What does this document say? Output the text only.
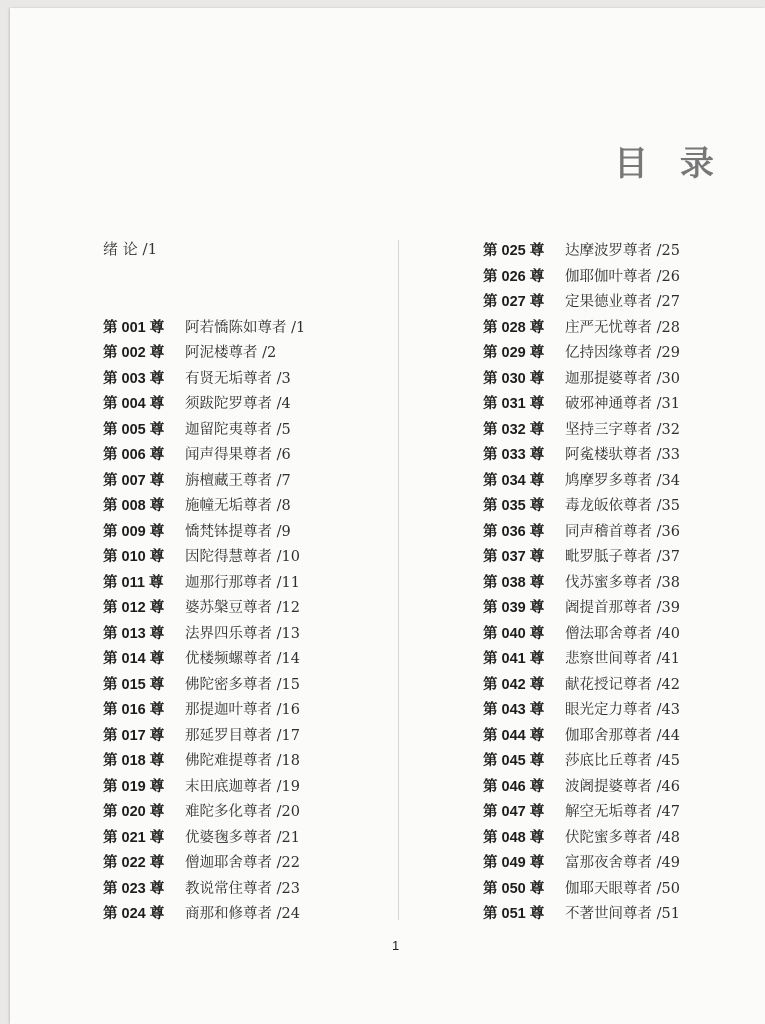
目 录
绪 论 /1
第 001 尊 阿若憍陈如尊者 /1
第 002 尊 阿泥楼尊者 /2
第 003 尊 有贤无垢尊者 /3
第 004 尊 须跋陀罗尊者 /4
第 005 尊 迦留陀夷尊者 /5
第 006 尊 闻声得果尊者 /6
第 007 尊 旃檀藏王尊者 /7
第 008 尊 施幢无垢尊者 /8
第 009 尊 憍梵钵提尊者 /9
第 010 尊 因陀得慧尊者 /10
第 011 尊 迦那行那尊者 /11
第 012 尊 婆苏槃豆尊者 /12
第 013 尊 法界四乐尊者 /13
第 014 尊 优楼频螺尊者 /14
第 015 尊 佛陀密多尊者 /15
第 016 尊 那提迦叶尊者 /16
第 017 尊 那延罗目尊者 /17
第 018 尊 佛陀难提尊者 /18
第 019 尊 末田底迦尊者 /19
第 020 尊 难陀多化尊者 /20
第 021 尊 优婆毱多尊者 /21
第 022 尊 僧迦耶舍尊者 /22
第 023 尊 教说常住尊者 /23
第 024 尊 商那和修尊者 /24
第 025 尊 达摩波罗尊者 /25
第 026 尊 伽耶伽叶尊者 /26
第 027 尊 定果德业尊者 /27
第 028 尊 庄严无忧尊者 /28
第 029 尊 亿持因缘尊者 /29
第 030 尊 迦那提婆尊者 /30
第 031 尊 破邪神通尊者 /31
第 032 尊 坚持三字尊者 /32
第 033 尊 阿㝹楼驮尊者 /33
第 034 尊 鸠摩罗多尊者 /34
第 035 尊 毒龙皈依尊者 /35
第 036 尊 同声稽首尊者 /36
第 037 尊 毗罗胝子尊者 /37
第 038 尊 伐苏蜜多尊者 /38
第 039 尊 阇提首那尊者 /39
第 040 尊 僧法耶舍尊者 /40
第 041 尊 悲察世间尊者 /41
第 042 尊 献花授记尊者 /42
第 043 尊 眼光定力尊者 /43
第 044 尊 伽耶舍那尊者 /44
第 045 尊 莎底比丘尊者 /45
第 046 尊 波阇提婆尊者 /46
第 047 尊 解空无垢尊者 /47
第 048 尊 伏陀蜜多尊者 /48
第 049 尊 富那夜舍尊者 /49
第 050 尊 伽耶天眼尊者 /50
第 051 尊 不著世间尊者 /51
1
